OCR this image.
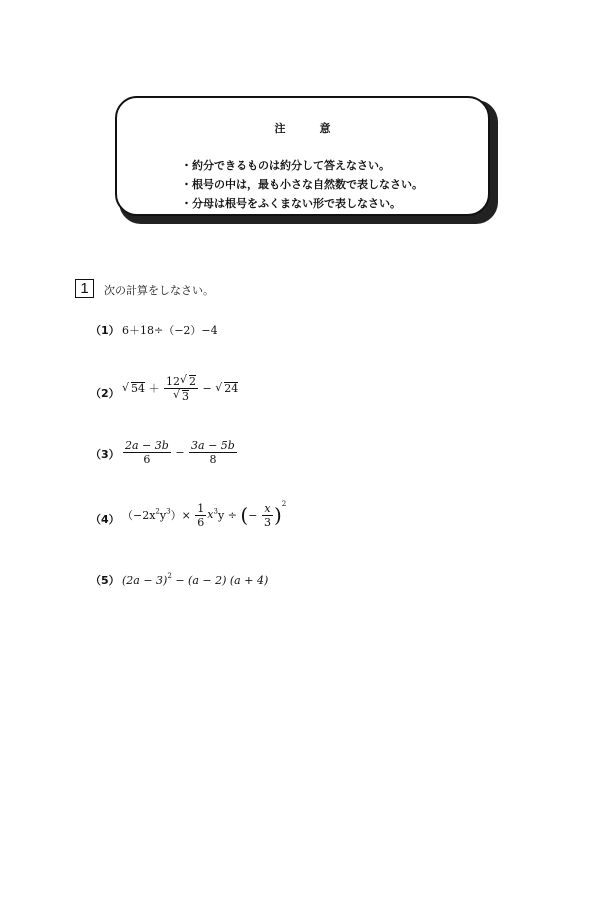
注意
・約分できるものは約分して答えなさい。
・根号の中は，最も小さな自然数で表しなさい。
・分母は根号をふくまない形で表しなさい。
1	次の計算をしなさい。
（1） 6＋18÷（−2）−4
（2）	√ 54 ＋ 12 √ 2
√ 3 − √ 24
$(3) \frac{2a - 3b}{6} - \frac{3a - 5b}{8}$
（4） $(-2x^2y^3)\times \frac{1}{6} x^3y$ ÷ (− $\frac{x}{3} )^2$
（5） $(2a - 3)^2 - (a - 2)$ (a + 4)
